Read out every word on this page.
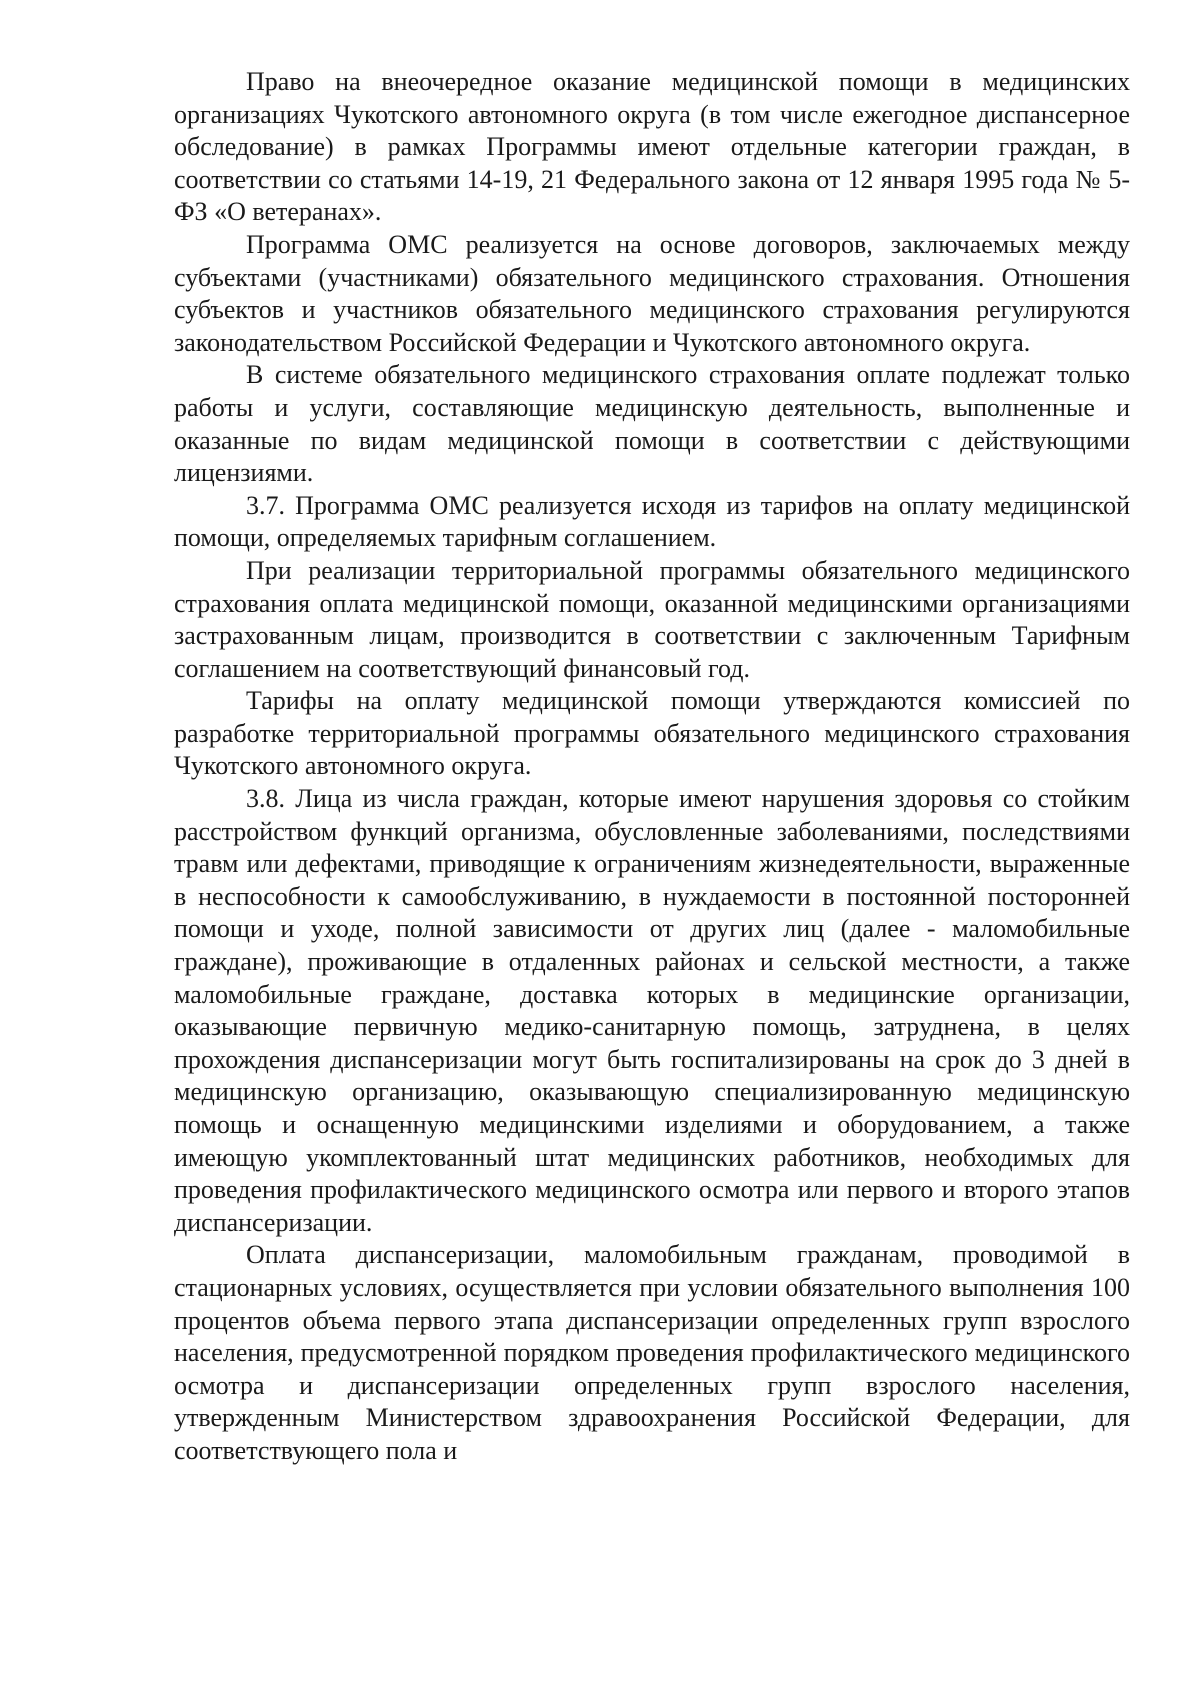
Право на внеочередное оказание медицинской помощи в медицинских организациях Чукотского автономного округа (в том числе ежегодное диспансерное обследование) в рамках Программы имеют отдельные категории граждан, в соответствии со статьями 14-19, 21 Федерального закона от 12 января 1995 года № 5-ФЗ «О ветеранах».

Программа ОМС реализуется на основе договоров, заключаемых между субъектами (участниками) обязательного медицинского страхования. Отношения субъектов и участников обязательного медицинского страхования регулируются законодательством Российской Федерации и Чукотского автономного округа.

В системе обязательного медицинского страхования оплате подлежат только работы и услуги, составляющие медицинскую деятельность, выполненные и оказанные по видам медицинской помощи в соответствии с действующими лицензиями.

3.7. Программа ОМС реализуется исходя из тарифов на оплату медицинской помощи, определяемых тарифным соглашением.

При реализации территориальной программы обязательного медицинского страхования оплата медицинской помощи, оказанной медицинскими организациями застрахованным лицам, производится в соответствии с заключенным Тарифным соглашением на соответствующий финансовый год.

Тарифы на оплату медицинской помощи утверждаются комиссией по разработке территориальной программы обязательного медицинского страхования Чукотского автономного округа.

3.8. Лица из числа граждан, которые имеют нарушения здоровья со стойким расстройством функций организма, обусловленные заболеваниями, последствиями травм или дефектами, приводящие к ограничениям жизнедеятельности, выраженные в неспособности к самообслуживанию, в нуждаемости в постоянной посторонней помощи и уходе, полной зависимости от других лиц (далее - маломобильные граждане), проживающие в отдаленных районах и сельской местности, а также маломобильные граждане, доставка которых в медицинские организации, оказывающие первичную медико-санитарную помощь, затруднена, в целях прохождения диспансеризации могут быть госпитализированы на срок до 3 дней в медицинскую организацию, оказывающую специализированную медицинскую помощь и оснащенную медицинскими изделиями и оборудованием, а также имеющую укомплектованный штат медицинских работников, необходимых для проведения профилактического медицинского осмотра или первого и второго этапов диспансеризации.

Оплата диспансеризации, маломобильным гражданам, проводимой в стационарных условиях, осуществляется при условии обязательного выполнения 100 процентов объема первого этапа диспансеризации определенных групп взрослого населения, предусмотренной порядком проведения профилактического медицинского осмотра и диспансеризации определенных групп взрослого населения, утвержденным Министерством здравоохранения Российской Федерации, для соответствующего пола и
